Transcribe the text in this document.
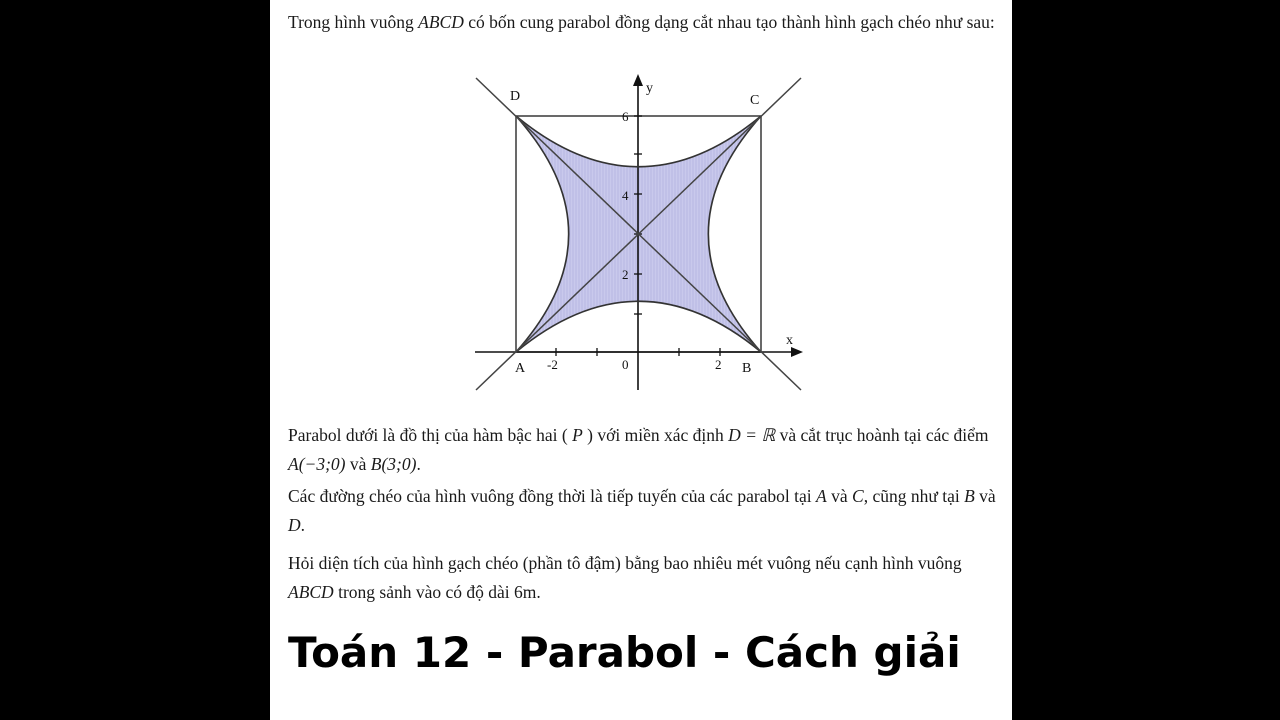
Trong hình vuông ABCD có bốn cung parabol đồng dạng cắt nhau tạo thành hình gạch chéo như sau:

A	B
C
D
x
y
-2	0	2
2
4
6

Parabol dưới là đồ thị của hàm bậc hai ( P ) với miền xác định D = ℝ và cắt trục hoành tại các điểm A(−3;0) và B(3;0).

Các đường chéo của hình vuông đồng thời là tiếp tuyến của các parabol tại A và C, cũng như tại B và D.

Hỏi diện tích của hình gạch chéo (phần tô đậm) bằng bao nhiêu mét vuông nếu cạnh hình vuông ABCD trong sảnh vào có độ dài 6m.

Toán 12 - Parabol - Cách giải
